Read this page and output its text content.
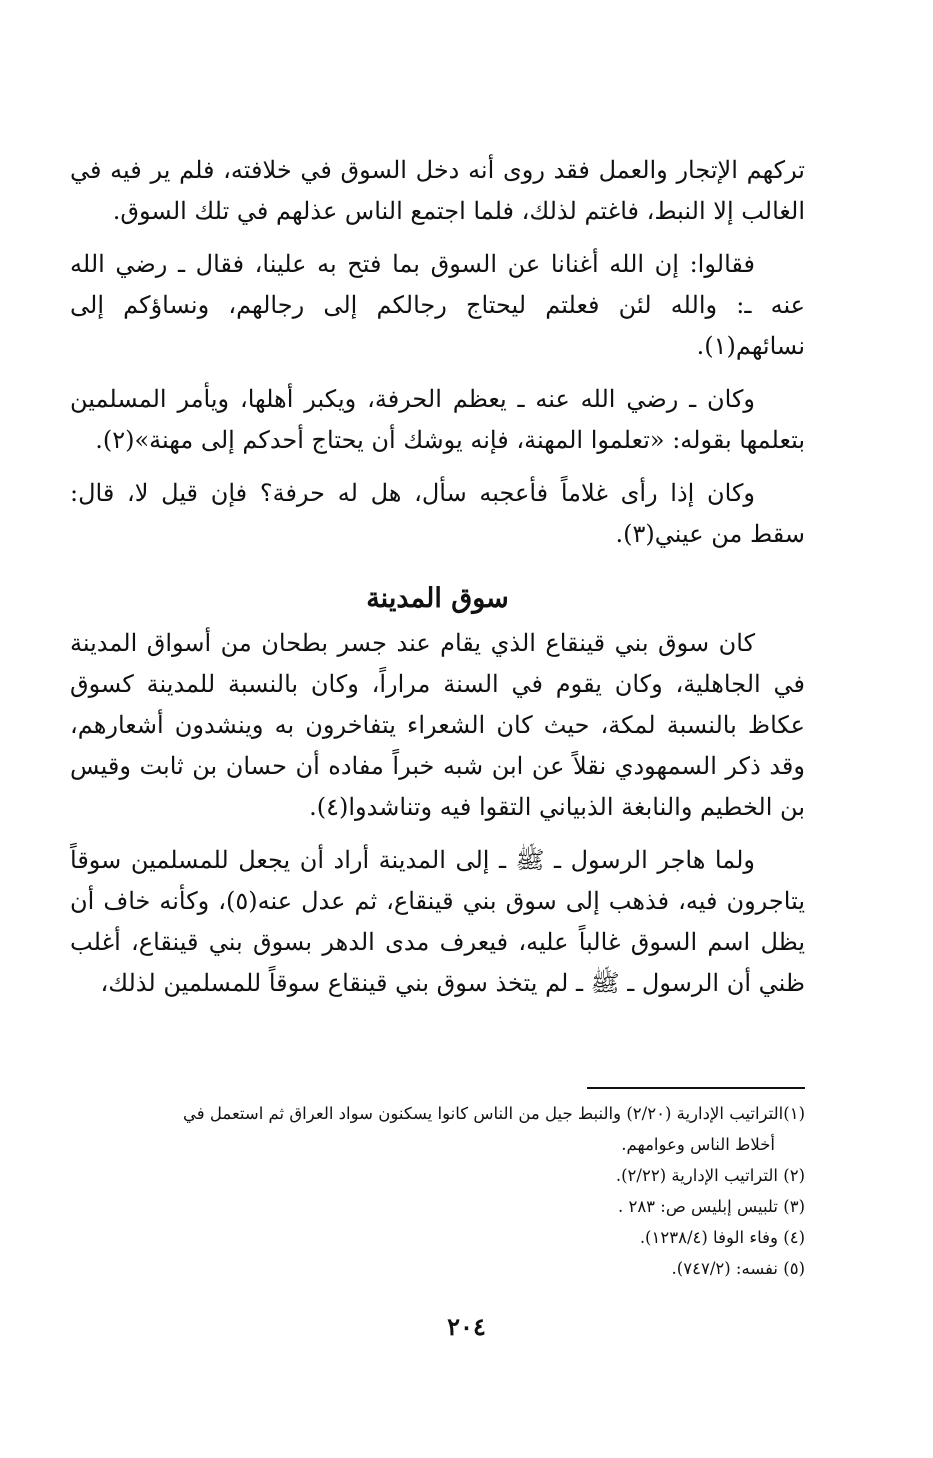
تركهم الإتجار والعمل فقد روى أنه دخل السوق في خلافته، فلم ير فيه في الغالب إلا النبط، فاغتم لذلك، فلما اجتمع الناس عذلهم في تلك السوق.

فقالوا: إن الله أغنانا عن السوق بما فتح به علينا، فقال ـ رضي الله عنه ـ: والله لئن فعلتم ليحتاج رجالكم إلى رجالهم، ونساؤكم إلى نسائهم(١).

وكان ـ رضي الله عنه ـ يعظم الحرفة، ويكبر أهلها، ويأمر المسلمين بتعلمها بقوله: «تعلموا المهنة، فإنه يوشك أن يحتاج أحدكم إلى مهنة»(٢).

وكان إذا رأى غلاماً فأعجبه سأل، هل له حرفة؟ فإن قيل لا، قال: سقط من عيني(٣).

سوق المدينة

كان سوق بني قينقاع الذي يقام عند جسر بطحان من أسواق المدينة في الجاهلية، وكان يقوم في السنة مراراً، وكان بالنسبة للمدينة كسوق عكاظ بالنسبة لمكة، حيث كان الشعراء يتفاخرون به وينشدون أشعارهم، وقد ذكر السمهودي نقلاً عن ابن شبه خبراً مفاده أن حسان بن ثابت وقيس بن الخطيم والنابغة الذبياني التقوا فيه وتناشدوا(٤).

ولما هاجر الرسول ـ ﷺ ـ إلى المدينة أراد أن يجعل للمسلمين سوقاً يتاجرون فيه، فذهب إلى سوق بني قينقاع، ثم عدل عنه(٥)، وكأنه خاف أن يظل اسم السوق غالباً عليه، فيعرف مدى الدهر بسوق بني قينقاع، أغلب ظني أن الرسول ـ ﷺ ـ لم يتخذ سوق بني قينقاع سوقاً للمسلمين لذلك،

(١)التراتيب الإدارية (٢/٢٠) والنبط جيل من الناس كانوا يسكنون سواد العراق ثم استعمل في

أخلاط الناس وعوامهم.

(٢) التراتيب الإدارية (٢/٢٢).

(٣) تلبيس إبليس ص: ٢٨٣ .

(٤) وفاء الوفا (١٢٣٨/٤).

(٥) نفسه: (٧٤٧/٢).

٢٠٤
